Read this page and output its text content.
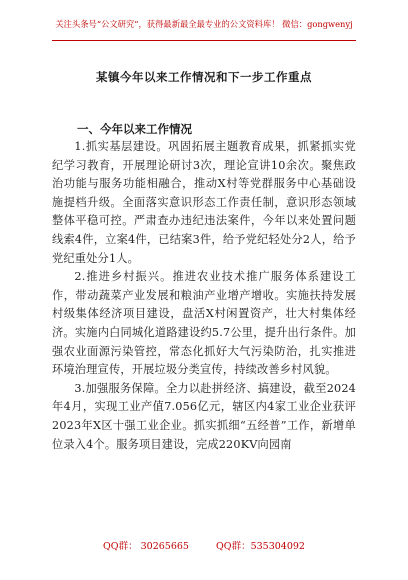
关注头条号“公文研究”，获得最新最全最专业的公文资料库！ 微信：gongwenyj
某镇今年以来工作情况和下一步工作重点
一、今年以来工作情况

1.抓实基层建设。巩固拓展主题教育成果，抓紧抓实党纪学习教育，开展理论研讨3次，理论宣讲10余次。聚焦政治功能与服务功能相融合，推动X村等党群服务中心基础设施提档升级。全面落实意识形态工作责任制，意识形态领域整体平稳可控。严肃查办违纪违法案件，今年以来处置问题线索4件，立案4件，已结案3件，给予党纪轻处分2人，给予党纪重处分1人。

2.推进乡村振兴。推进农业技术推广服务体系建设工作，带动蔬菜产业发展和粮油产业增产增收。实施扶持发展村级集体经济项目建设，盘活X村闲置资产，壮大村集体经济。实施内白同城化道路建设约5.7公里，提升出行条件。加强农业面源污染管控，常态化抓好大气污染防治，扎实推进环境治理宣传，开展垃圾分类宣传，持续改善乡村风貌。

3.加强服务保障。全力以赴拼经济、搞建设，截至2024年4月，实现工业产值7.056亿元，辖区内4家工业企业获评2023年X区十强工业企业。抓实抓细“五经普”工作，新增单位录入4个。服务项目建设，完成220KV向园南

QQ群： 30265665	QQ群：535304092
